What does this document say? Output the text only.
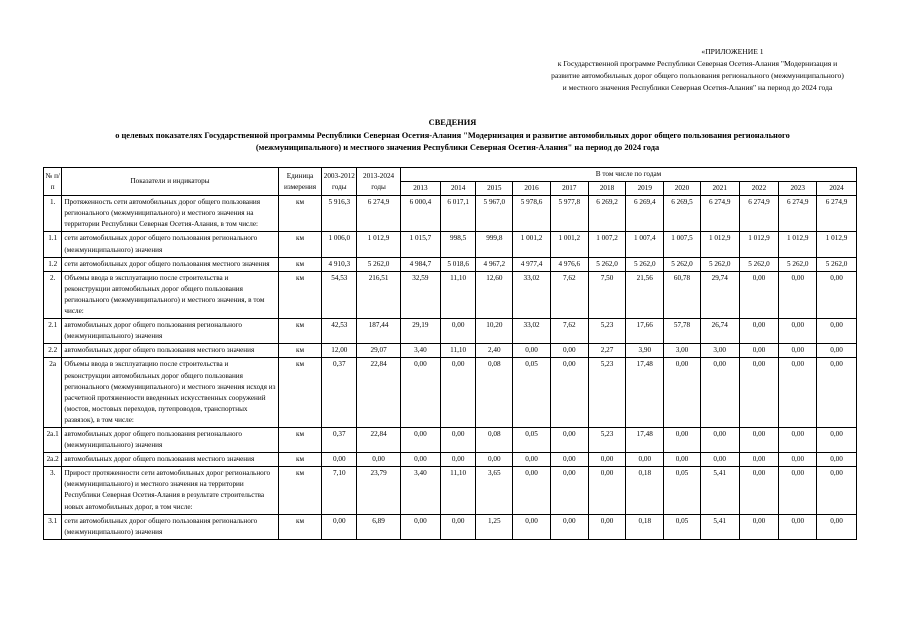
«ПРИЛОЖЕНИЕ 1
к Государственной программе Республики Северная Осетия-Алания "Модернизация и
развитие автомобильных дорог общего пользования регионального (межмуниципального)
и местного значения Республики Северная Осетия-Алания" на период до 2024 года
СВЕДЕНИЯ
о целевых показателях Государственной программы Республики Северная Осетия-Алания "Модернизация и развитие автомобильных дорог общего пользования регионального
(межмуниципального) и местного значения Республики Северная Осетия-Алания" на период до 2024 года
№ п/п	Показатели и индикаторы	Единица измерения	2003-2012 годы	2013-2024 годы	В том числе по годам											
					2013	2014	2015	2016	2017	2018	2019	2020	2021	2022	2023	2024
1.	Протяженность сети автомобильных дорог общего пользования регионального (межмуниципального) и местного значения на территории Республики Северная Осетия-Алания, в том числе:	км	5 916,3	6 274,9	6 000,4	6 017,1	5 967,0	5 978,6	5 977,8	6 269,2	6 269,4	6 269,5	6 274,9	6 274,9	6 274,9	6 274,9
1.1	сети автомобильных дорог общего пользования регионального (межмуниципального) значения	км	1 006,0	1 012,9	1 015,7	998,5	999,8	1 001,2	1 001,2	1 007,2	1 007,4	1 007,5	1 012,9	1 012,9	1 012,9	1 012,9
1.2	сети автомобильных дорог общего пользования местного значения	км	4 910,3	5 262,0	4 984,7	5 018,6	4 967,2	4 977,4	4 976,6	5 262,0	5 262,0	5 262,0	5 262,0	5 262,0	5 262,0	5 262,0
2.	Объемы ввода в эксплуатацию после строительства и реконструкции автомобильных дорог общего пользования регионального (межмуниципального) и местного значения, в том числе:	км	54,53	216,51	32,59	11,10	12,60	33,02	7,62	7,50	21,56	60,78	29,74	0,00	0,00	0,00
2.1	автомобильных дорог общего пользования регионального (межмуниципального) значения	км	42,53	187,44	29,19	0,00	10,20	33,02	7,62	5,23	17,66	57,78	26,74	0,00	0,00	0,00
2.2	автомобильных дорог общего пользования местного значения	км	12,00	29,07	3,40	11,10	2,40	0,00	0,00	2,27	3,90	3,00	3,00	0,00	0,00	0,00
2а	Объемы ввода в эксплуатацию после строительства и реконструкции автомобильных дорог общего пользования регионального (межмуниципального) и местного значения исходя из расчетной протяженности введенных искусственных сооружений (мостов, мостовых переходов, путепроводов, транспортных развязок), в том числе:	км	0,37	22,84	0,00	0,00	0,08	0,05	0,00	5,23	17,48	0,00	0,00	0,00	0,00	0,00
2а.1	автомобильных дорог общего пользования регионального (межмуниципального) значения	км	0,37	22,84	0,00	0,00	0,08	0,05	0,00	5,23	17,48	0,00	0,00	0,00	0,00	0,00
2а.2	автомобильных дорог общего пользования местного значения	км	0,00	0,00	0,00	0,00	0,00	0,00	0,00	0,00	0,00	0,00	0,00	0,00	0,00	0,00
3.	Прирост протяженности сети автомобильных дорог регионального (межмуниципального) и местного значения на территории Республики Северная Осетия-Алания в результате строительства новых автомобильных дорог, в том числе:	км	7,10	23,79	3,40	11,10	3,65	0,00	0,00	0,00	0,18	0,05	5,41	0,00	0,00	0,00
3.1	сети автомобильных дорог общего пользования регионального (межмуниципального) значения	км	0,00	6,89	0,00	0,00	1,25	0,00	0,00	0,00	0,18	0,05	5,41	0,00	0,00	0,00
